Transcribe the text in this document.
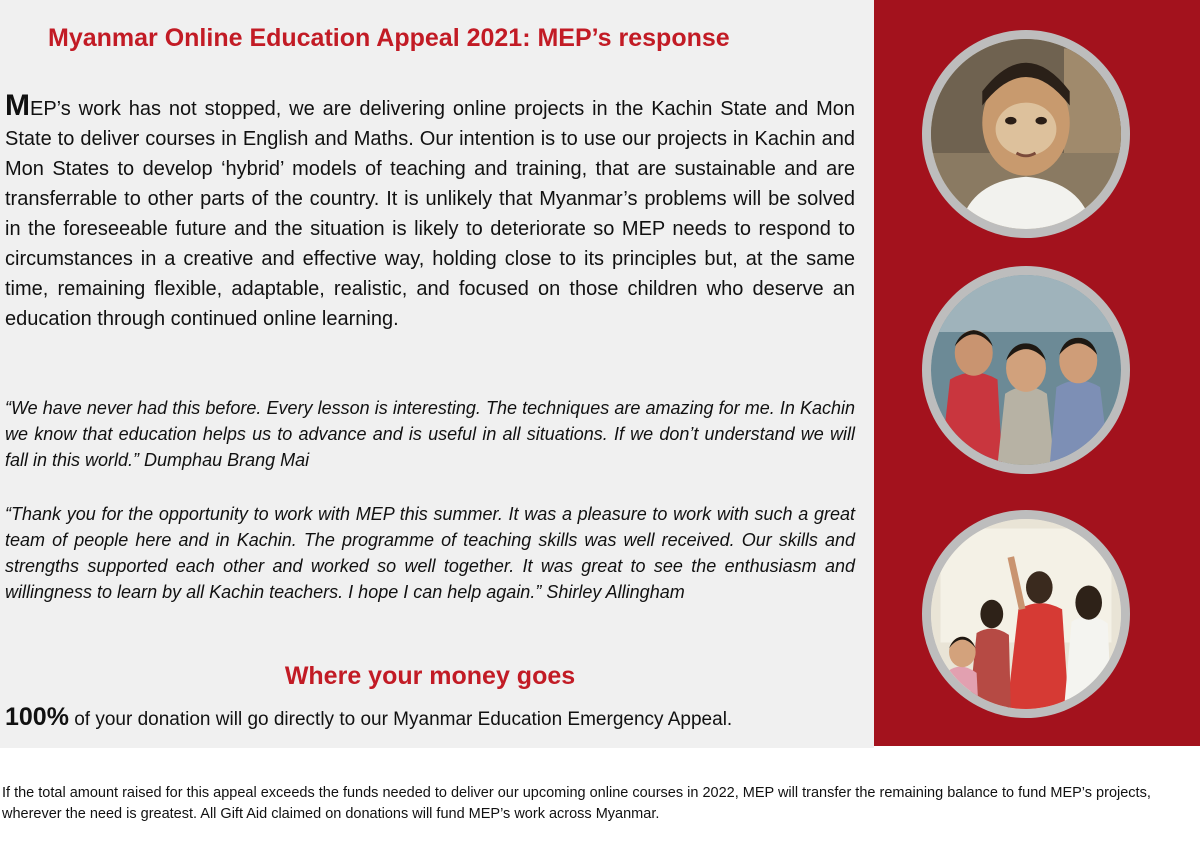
Myanmar Online Education Appeal 2021: MEP’s response

MEP’s work has not stopped, we are delivering online projects in the Kachin State and Mon State to deliver courses in English and Maths. Our intention is to use our projects in Kachin and Mon States to develop ‘hybrid’ models of teaching and training, that are sustainable and are transferrable to other parts of the country. It is unlikely that Myanmar’s problems will be solved in the foreseeable future and the situation is likely to deteriorate so MEP needs to respond to circumstances in a creative and effective way, holding close to its principles but, at the same time, remaining flexible, adaptable, realistic, and focused on those children who deserve an education through continued online learning.

“We have never had this before. Every lesson is interesting. The techniques are amazing for me. In Kachin we know that education helps us to advance and is useful in all situations. If we don’t understand we will fall in this world.” Dumphau Brang Mai

“Thank you for the opportunity to work with MEP this summer. It was a pleasure to work with such a great team of people here and in Kachin. The programme of teaching skills was well received. Our skills and strengths supported each other and worked so well together. It was great to see the enthusiasm and willingness to learn by all Kachin teachers. I hope I can help again.” Shirley Allingham

Where your money goes
100% of your donation will go directly to our Myanmar Education Emergency Appeal.

If the total amount raised for this appeal exceeds the funds needed to deliver our upcoming online courses in 2022, MEP will transfer the remaining balance to fund MEP’s projects, wherever the need is greatest. All Gift Aid claimed on donations will fund MEP’s work across Myanmar.
